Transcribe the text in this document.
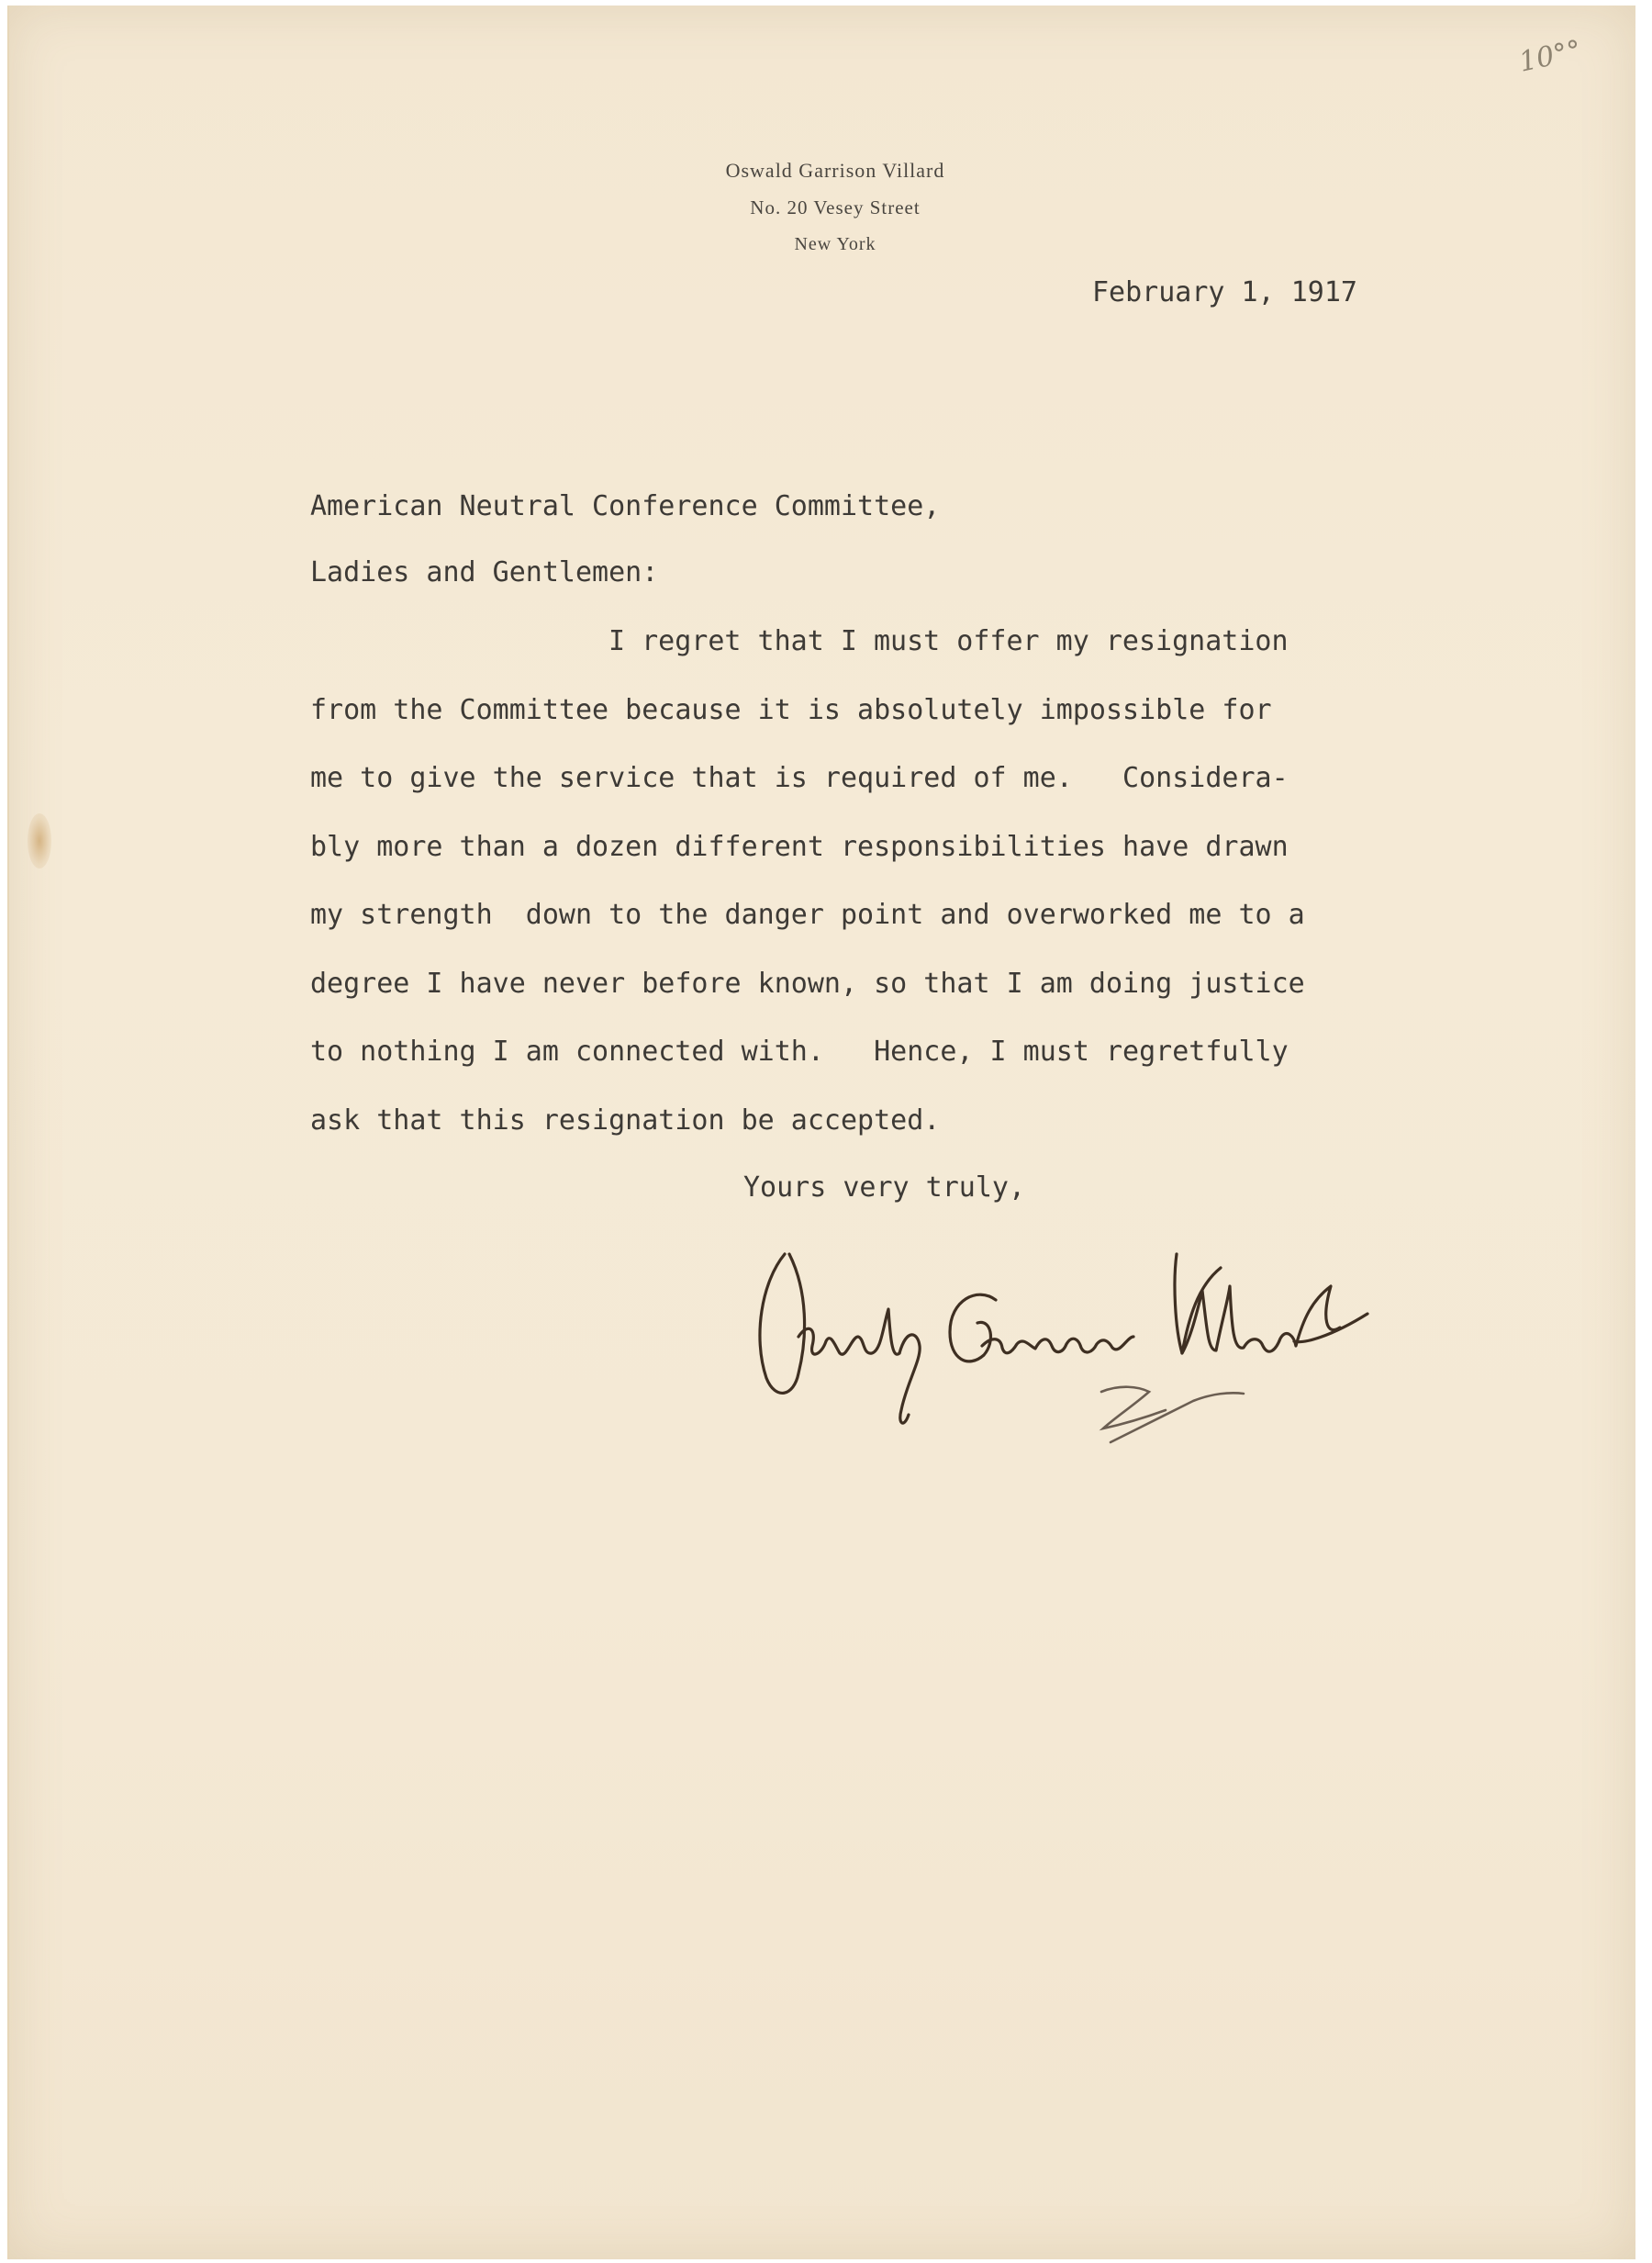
10°°
Oswald Garrison Villard
No. 20 Vesey Street
New York
February 1, 1917
American Neutral Conference Committee,
Ladies and Gentlemen:
I regret that I must offer my resignation
from the Committee because it is absolutely impossible for
me to give the service that is required of me.   Considera-
bly more than a dozen different responsibilities have drawn
my strength  down to the danger point and overworked me to a
degree I have never before known, so that I am doing justice
to nothing I am connected with.   Hence, I must regretfully
ask that this resignation be accepted.
Yours very truly,
